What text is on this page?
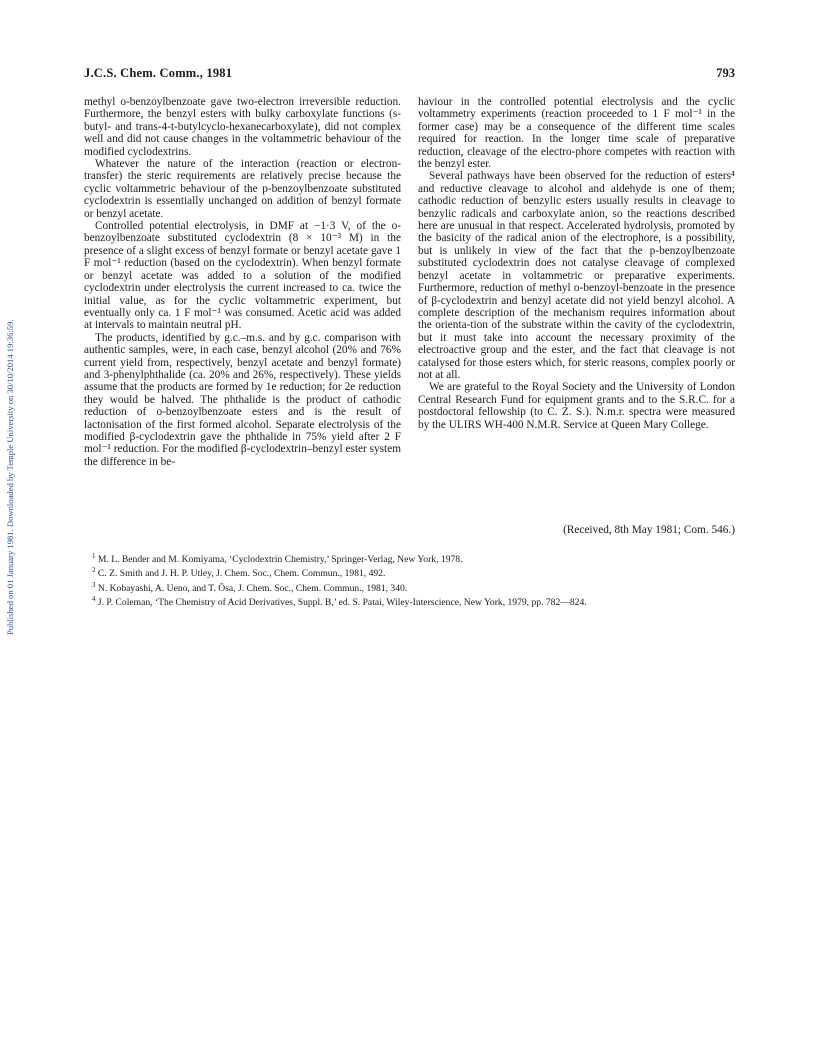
Published on 01 January 1981. Downloaded by Temple University on 30/10/2014 19:36:59.
J.C.S. Chem. Comm., 1981	793

methyl o-benzoylbenzoate gave two-electron irreversible reduction. Furthermore, the benzyl esters with bulky carboxylate functions (s-butyl- and trans-4-t-butylcyclo-hexanecarboxylate), did not complex well and did not cause changes in the voltammetric behaviour of the modified cyclodextrins.

Whatever the nature of the interaction (reaction or electron-transfer) the steric requirements are relatively precise because the cyclic voltammetric behaviour of the p-benzoylbenzoate substituted cyclodextrin is essentially unchanged on addition of benzyl formate or benzyl acetate.

Controlled potential electrolysis, in DMF at −1·3 V, of the o-benzoylbenzoate substituted cyclodextrin (8 × 10⁻³ M) in the presence of a slight excess of benzyl formate or benzyl acetate gave 1 F mol⁻¹ reduction (based on the cyclodextrin). When benzyl formate or benzyl acetate was added to a solution of the modified cyclodextrin under electrolysis the current increased to ca. twice the initial value, as for the cyclic voltammetric experiment, but eventually only ca. 1 F mol⁻¹ was consumed. Acetic acid was added at intervals to maintain neutral pH.

The products, identified by g.c.–m.s. and by g.c. comparison with authentic samples, were, in each case, benzyl alcohol (20% and 76% current yield from, respectively, benzyl acetate and benzyl formate) and 3-phenylphthalide (ca. 20% and 26%, respectively). These yields assume that the products are formed by 1e reduction; for 2e reduction they would be halved. The phthalide is the product of cathodic reduction of o-benzoylbenzoate esters and is the result of lactonisation of the first formed alcohol. Separate electrolysis of the modified β-cyclodextrin gave the phthalide in 75% yield after 2 F mol⁻¹ reduction. For the modified β-cyclodextrin–benzyl ester system the difference in be-

haviour in the controlled potential electrolysis and the cyclic voltammetry experiments (reaction proceeded to 1 F mol⁻¹ in the former case) may be a consequence of the different time scales required for reaction. In the longer time scale of preparative reduction, cleavage of the electro-phore competes with reaction with the benzyl ester.

Several pathways have been observed for the reduction of esters⁴ and reductive cleavage to alcohol and aldehyde is one of them; cathodic reduction of benzylic esters usually results in cleavage to benzylic radicals and carboxylate anion, so the reactions described here are unusual in that respect. Accelerated hydrolysis, promoted by the basicity of the radical anion of the electrophore, is a possibility, but is unlikely in view of the fact that the p-benzoylbenzoate substituted cyclodextrin does not catalyse cleavage of complexed benzyl acetate in voltammetric or preparative experiments. Furthermore, reduction of methyl o-benzoyl-benzoate in the presence of β-cyclodextrin and benzyl acetate did not yield benzyl alcohol. A complete description of the mechanism requires information about the orienta-tion of the substrate within the cavity of the cyclodextrin, but it must take into account the necessary proximity of the electroactive group and the ester, and the fact that cleavage is not catalysed for those esters which, for steric reasons, complex poorly or not at all.

We are grateful to the Royal Society and the University of London Central Research Fund for equipment grants and to the S.R.C. for a postdoctoral fellowship (to C. Z. S.). N.m.r. spectra were measured by the ULIRS WH-400 N.M.R. Service at Queen Mary College.

(Received, 8th May 1981; Com. 546.)
$^1$ M. L. Bender and M. Komiyama, ‘Cyclodextrin Chemistry,’ Springer-Verlag, New York, 1978.
$^2$ C. Z. Smith and J. H. P. Utley, J. Chem. Soc., Chem. Commun., 1981, 492.
$^3$ N. Kobayashi, A. Ueno, and T. Ōsa, J. Chem. Soc., Chem. Commun., 1981, 340.
$^4$ J. P. Coleman, ‘The Chemistry of Acid Derivatives, Suppl. B,’ ed. S. Patai, Wiley-Interscience, New York, 1979, pp. 782—824.
